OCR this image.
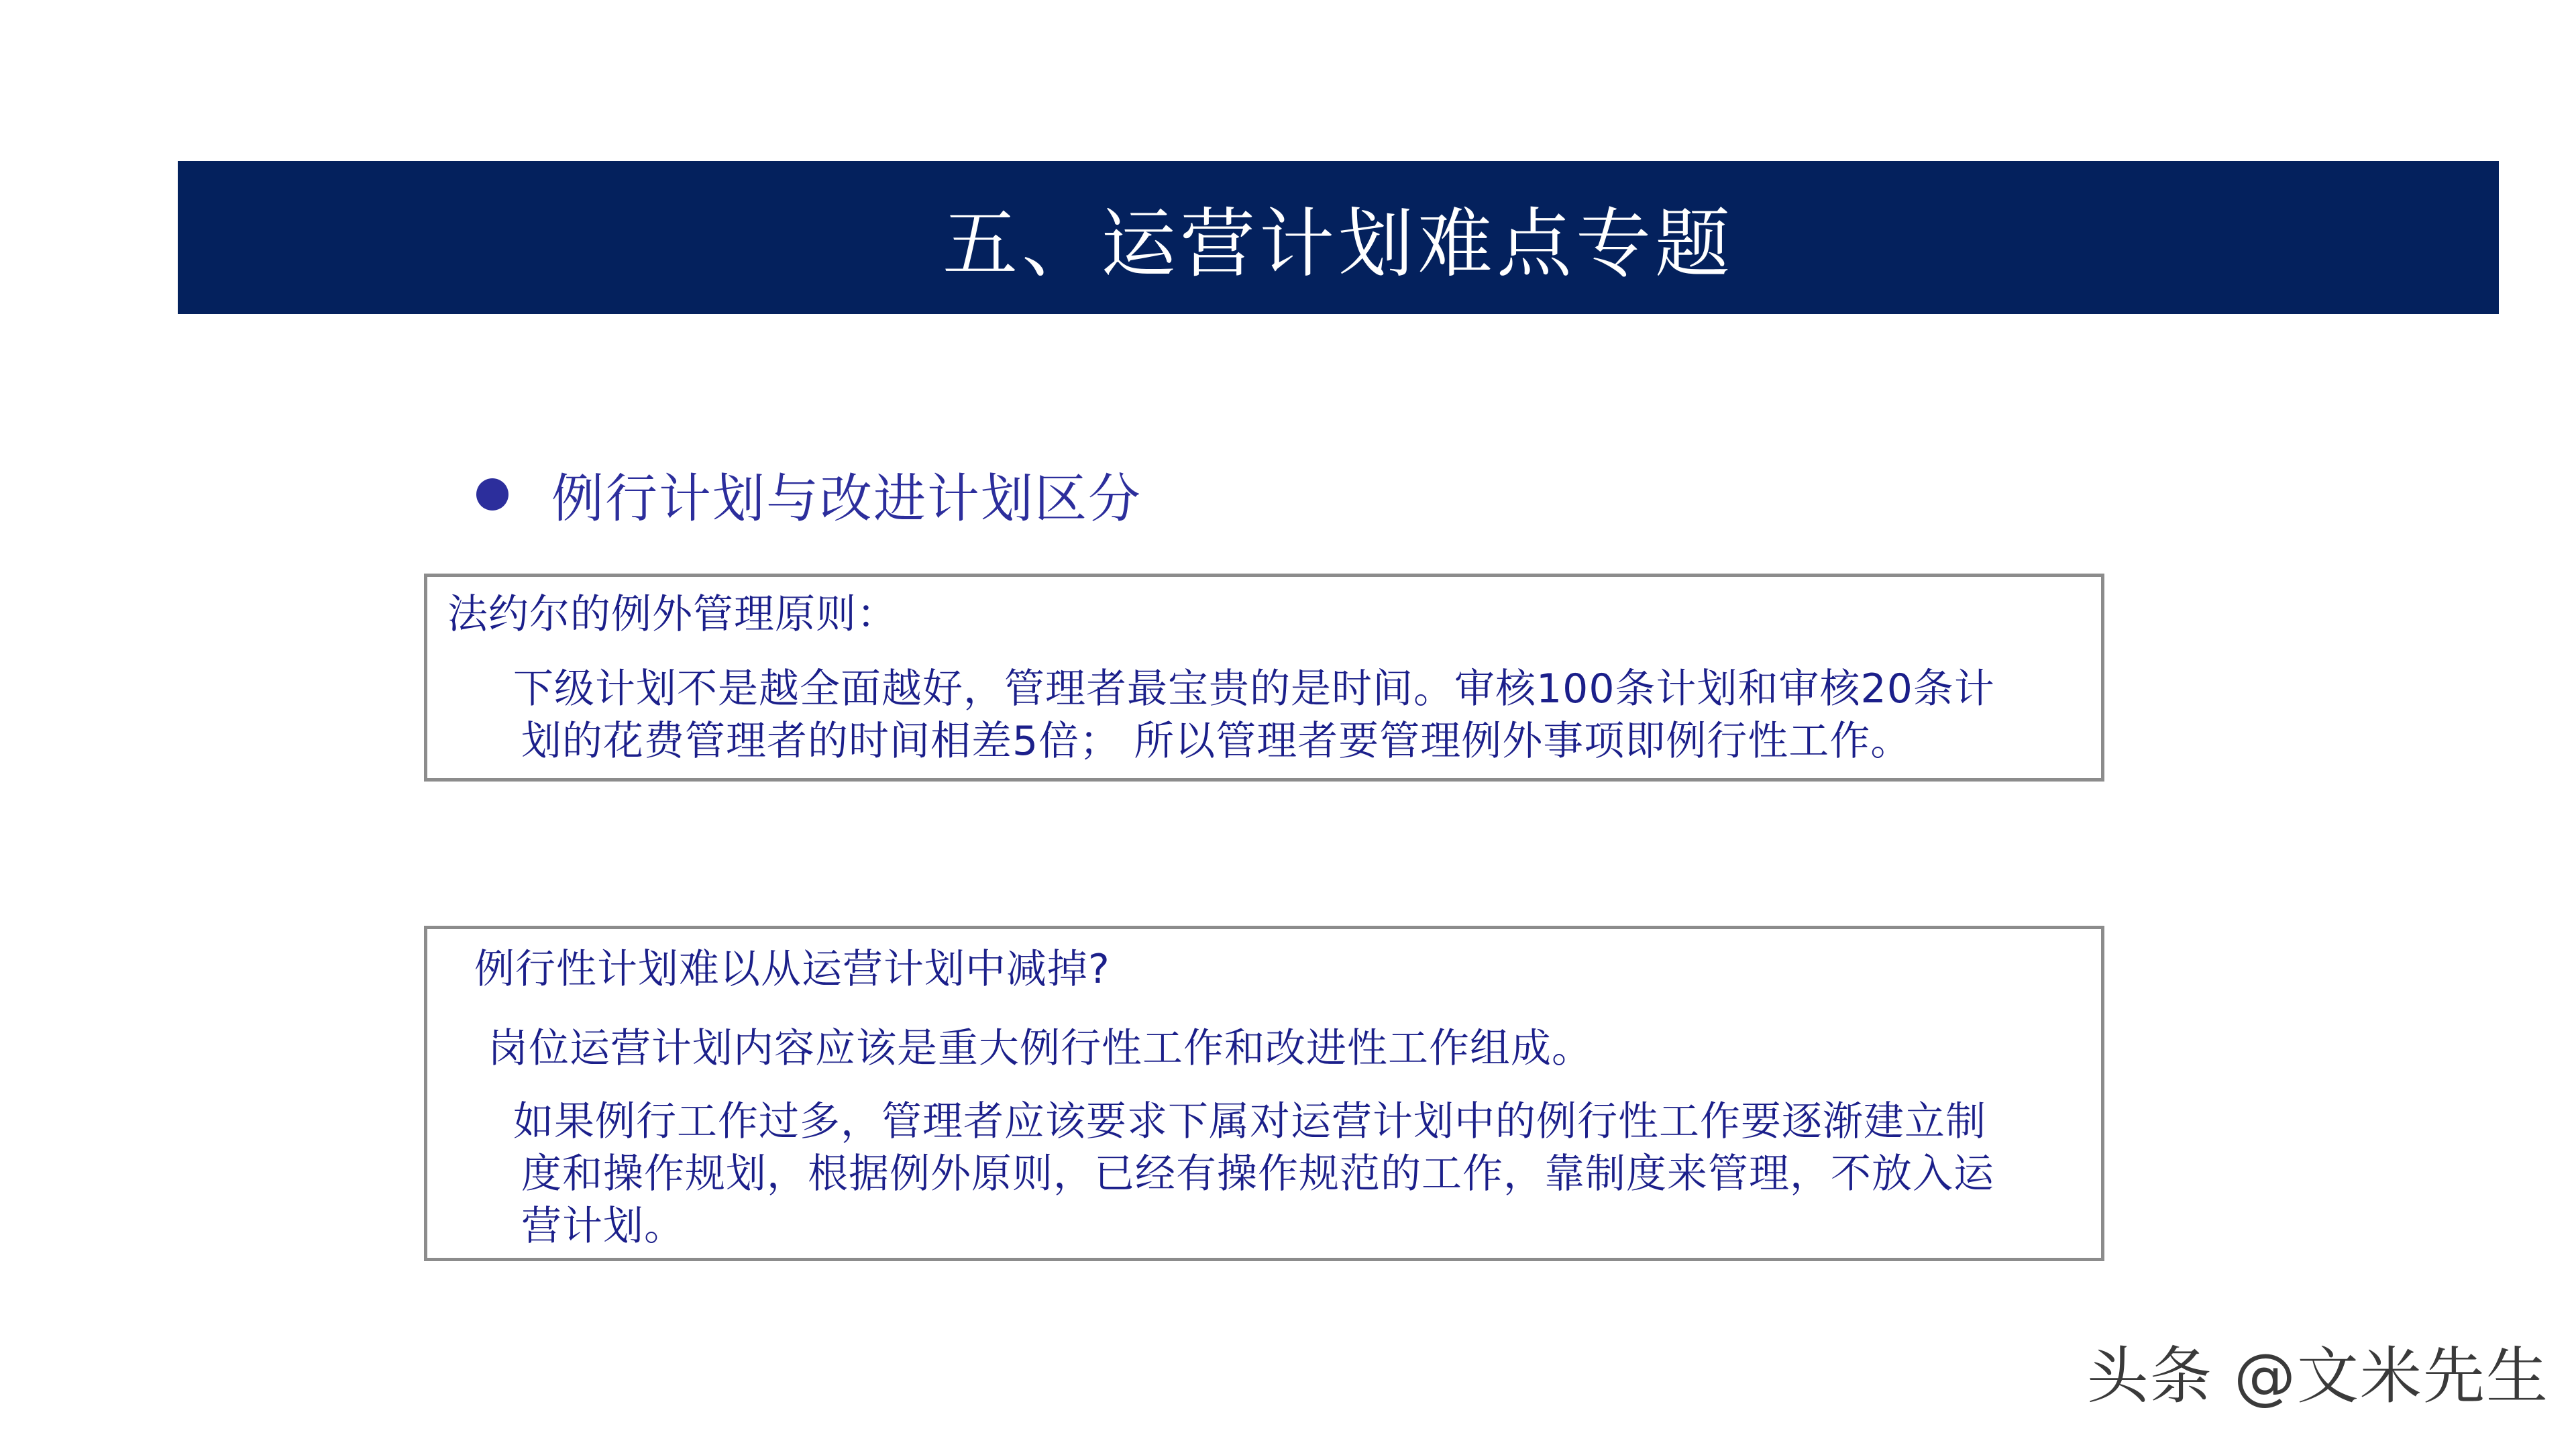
五、运营计划难点专题
例行计划与改进计划区分
法约尔的例外管理原则：
下级计划不是越全面越好，管理者最宝贵的是时间。审核100条计划和审核20条计
划的花费管理者的时间相差5倍； 所以管理者要管理例外事项即例行性工作。
例行性计划难以从运营计划中减掉?
岗位运营计划内容应该是重大例行性工作和改进性工作组成。
如果例行工作过多，管理者应该要求下属对运营计划中的例行性工作要逐渐建立制
度和操作规划，根据例外原则，已经有操作规范的工作，靠制度来管理，不放入运
营计划。
头条 @文米先生
